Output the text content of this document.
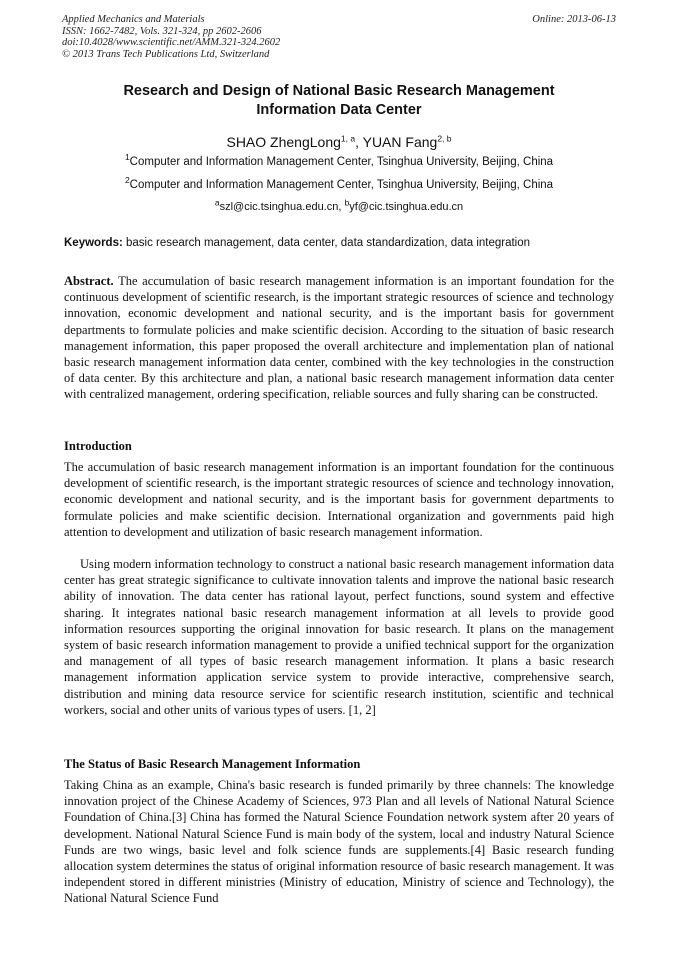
Applied Mechanics and Materials
ISSN: 1662-7482, Vols. 321-324, pp 2602-2606
doi:10.4028/www.scientific.net/AMM.321-324.2602
© 2013 Trans Tech Publications Ltd, Switzerland
Online: 2013-06-13
Research and Design of National Basic Research Management
Information Data Center
SHAO ZhengLong$^{1, a}$, YUAN Fang$^{2, b}$
$^1$Computer and Information Management Center, Tsinghua University, Beijing, China
$^2$Computer and Information Management Center, Tsinghua University, Beijing, China
$^a$szl@cic.tsinghua.edu.cn, $^b$yf@cic.tsinghua.edu.cn
Keywords: basic research management, data center, data standardization, data integration

Abstract. The accumulation of basic research management information is an important foundation for the continuous development of scientific research, is the important strategic resources of science and technology innovation, economic development and national security, and is the important basis for government departments to formulate policies and make scientific decision. According to the situation of basic research management information, this paper proposed the overall architecture and implementation plan of national basic research management information data center, combined with the key technologies in the construction of data center. By this architecture and plan, a national basic research management information data center with centralized management, ordering specification, reliable sources and fully sharing can be constructed.

Introduction

The accumulation of basic research management information is an important foundation for the continuous development of scientific research, is the important strategic resources of science and technology innovation, economic development and national security, and is the important basis for government departments to formulate policies and make scientific decision. International organization and governments paid high attention to development and utilization of basic research management information.

Using modern information technology to construct a national basic research management information data center has great strategic significance to cultivate innovation talents and improve the national basic research ability of innovation. The data center has rational layout, perfect functions, sound system and effective sharing. It integrates national basic research management information at all levels to provide good information resources supporting the original innovation for basic research. It plans on the management system of basic research information management to provide a unified technical support for the organization and management of all types of basic research management information. It plans a basic research management information application service system to provide interactive, comprehensive search, distribution and mining data resource service for scientific research institution, scientific and technical workers, social and other units of various types of users. [1, 2]

The Status of Basic Research Management Information

Taking China as an example, China's basic research is funded primarily by three channels: The knowledge innovation project of the Chinese Academy of Sciences, 973 Plan and all levels of National Natural Science Foundation of China.[3] China has formed the Natural Science Foundation network system after 20 years of development. National Natural Science Fund is main body of the system, local and industry Natural Science Funds are two wings, basic level and folk science funds are supplements.[4] Basic research funding allocation system determines the status of original information resource of basic research management. It was independent stored in different ministries (Ministry of education, Ministry of science and Technology), the National Natural Science Fund
